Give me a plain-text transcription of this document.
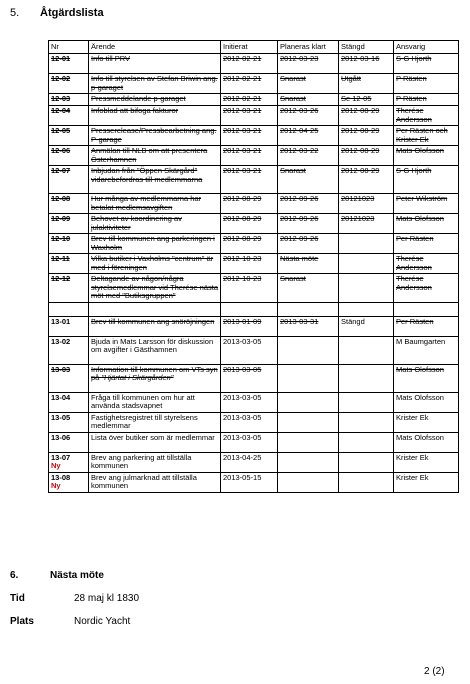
5. Åtgärdslista
Nr	Ärende	Initierat	Planeras klart	Stängd	Ansvarig
12-01	Info till PRV	2012-02-21	2012-03-23	2012-03-16	S-G Hjorth
12-02	Info till styrelsen av Stefan Briwin ang. p-garaget	2012-02-21	Snarast	Utgått	P Rästen
12-03	Pressmeddelande p-garaget	2012-02-21	Snarast	Se 12-05	P Rästen
12-04	Infoblad att bifoga fakturor	2012-03-21	2012-03-26	2012-08-29	Therése Andersson
12-05	Presserelease/Pressbearbetning ang. P-garage	2012-03-21	2012-04-25	2012-08-29	Per Rästen och Krister Ek
12-06	Anmälan till NLB om att presentera Österhamnen	2012-03-21	2012-03-22	2012-08-29	Mats Olofsson
12-07	Inbjudan från "Öppen Skärgård" vidarebefordras till medlemmarna	2012-03-21	Snarast	2012-08-29	S-G Hjorth
12-08	Hur många av medlemmarna har betalat medlemsavgiften	2012-08-29	2012-09-26	20121023	Peter Wikström
12-09	Behovet av koordinering av julaktiviteter	2012-08-29	2012-09-26	20121023	Mats Olofsson
12-10	Brev till kommunen ang parkeringen i Waxholm	2012-08-29	2012-09-26		Per Rästen
12-11	Vilka butiker i Vaxholms "centrum" är med i föreningen	2012-10-23	Nästa möte		Therése Andersson
12-12	Deltagande av någon/några styrelsemedlemmar vid Therése nästa möt med "Butiksgruppen"	2012-10-23	Snarast		Therése Andersson

13-01	Brev till kommunen ang snöröjningen	2013-01-09	2013-03-31	Stängd	Per Rästen
13-02	Bjuda in Mats Larsson för diskussion om avgifter i Gästhamnen	2013-03-05			M Baumgarten
13-03	Information till kommunen om VTs syn på "Hjärtat i Skärgården"	2013-03-05			Mats Olofsson
13-04	Fråga till kommunen om hur att använda stadsvapnet	2013-03-05			Mats Olofsson
13-05	Fastighetsregistret till styrelsens medlemmar	2013-03-05			Krister Ek
13-06	Lista över butiker som är medlemmar	2013-03-05			Mats Olofsson
13-07
Ny	Brev ang parkering att tillställa kommunen	2013-04-25			Krister Ek
13-08
Ny	Brev ang julmarknad att tillställa kommunen	2013-05-15			Krister Ek
6.	Nästa möte
Tid	28 maj kl 1830
Plats	Nordic Yacht
2 (2)
